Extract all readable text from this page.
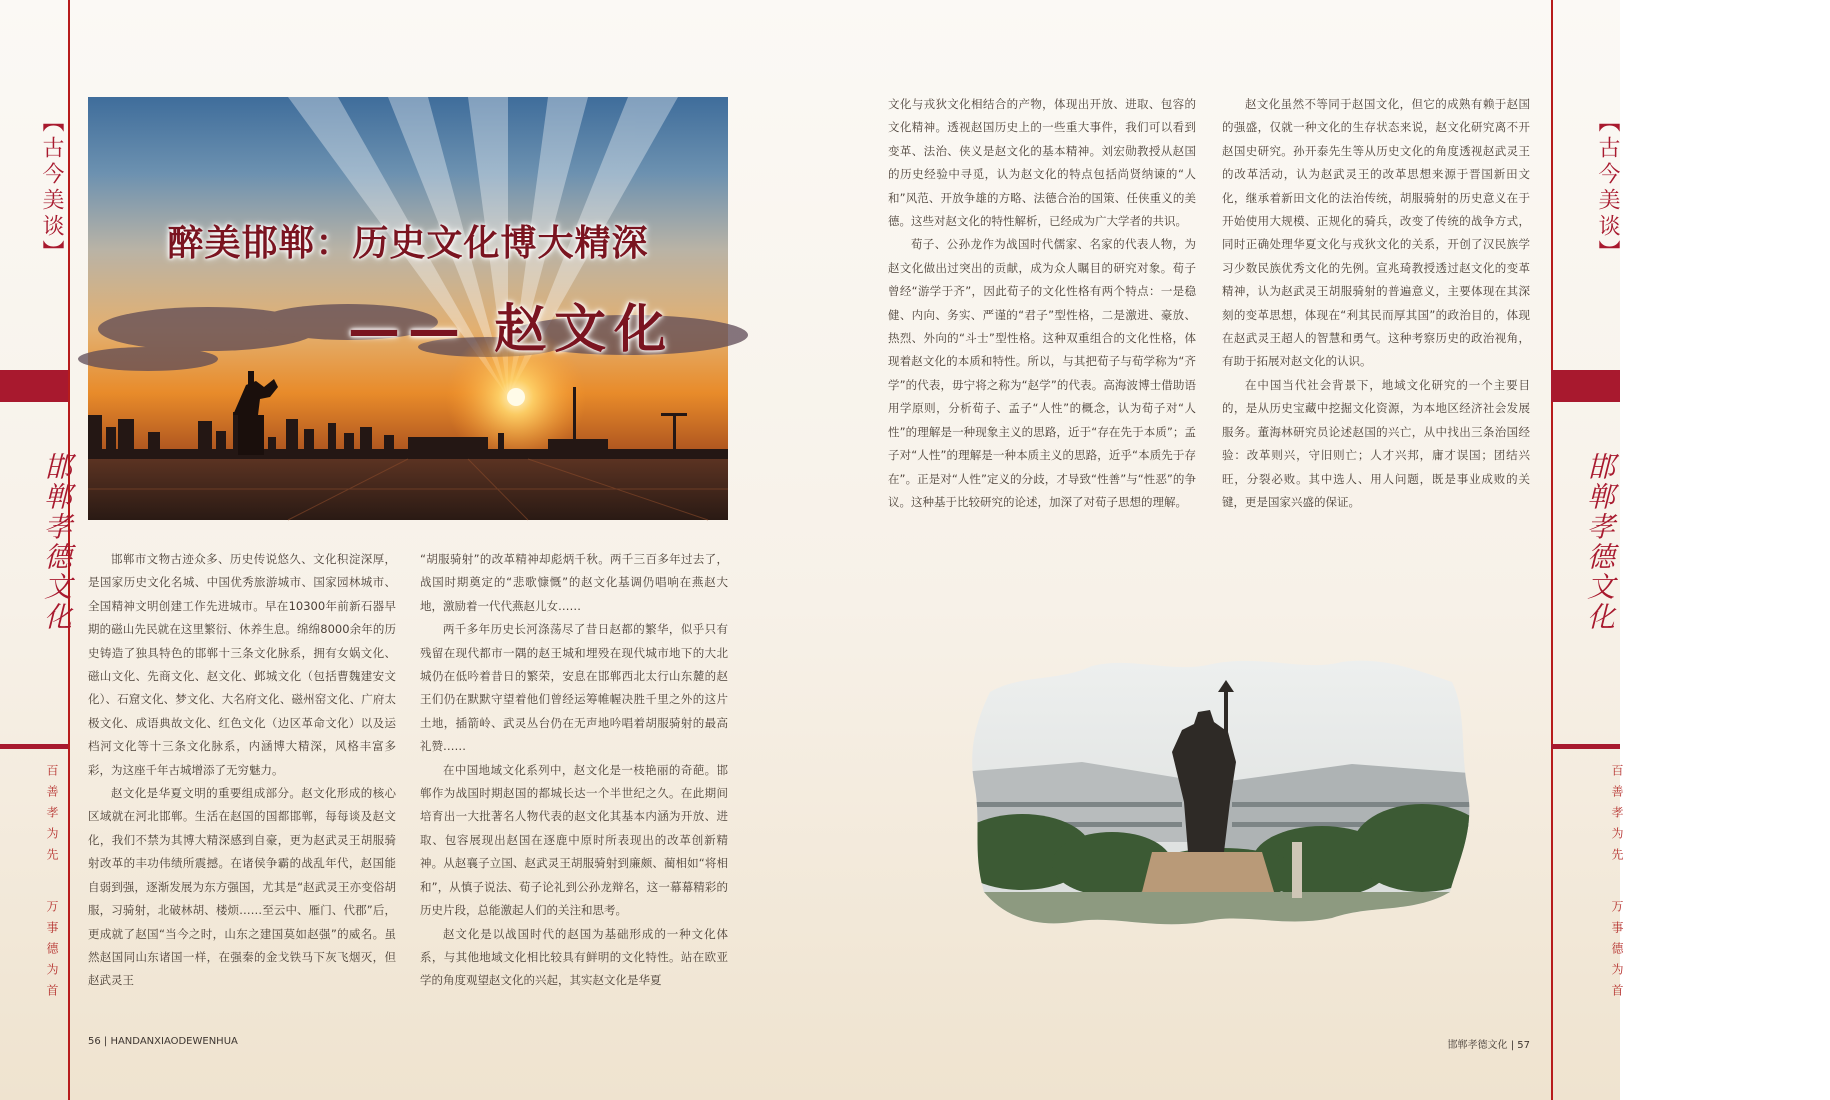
【古今美谈】
邯郸孝德文化
百善孝为先
万事德为首
【古今美谈】
邯郸孝德文化
百善孝为先
万事德为首
醉美邯郸：历史文化博大精深
—— 赵文化

邯郸市文物古迹众多、历史传说悠久、文化积淀深厚，是国家历史文化名城、中国优秀旅游城市、国家园林城市、全国精神文明创建工作先进城市。早在10300年前新石器早期的磁山先民就在这里繁衍、休养生息。绵绵8000余年的历史铸造了独具特色的邯郸十三条文化脉系，拥有女娲文化、磁山文化、先商文化、赵文化、邺城文化（包括曹魏建安文化）、石窟文化、梦文化、大名府文化、磁州窑文化、广府太极文化、成语典故文化、红色文化（边区革命文化）以及运档河文化等十三条文化脉系，内涵博大精深，风格丰富多彩，为这座千年古城增添了无穷魅力。

赵文化是华夏文明的重要组成部分。赵文化形成的核心区域就在河北邯郸。生活在赵国的国都邯郸，每每谈及赵文化，我们不禁为其博大精深感到自豪，更为赵武灵王胡服骑射改革的丰功伟绩所震撼。在诸侯争霸的战乱年代，赵国能自弱到强，逐渐发展为东方强国，尤其是“赵武灵王亦变俗胡服，习骑射，北破林胡、楼烦……至云中、雁门、代郡”后，更成就了赵国“当今之时，山东之建国莫如赵强”的威名。虽然赵国同山东诸国一样，在强秦的金戈铁马下灰飞烟灭，但赵武灵王

“胡服骑射”的改革精神却彪炳千秋。两千三百多年过去了，战国时期奠定的“悲歌慷慨”的赵文化基调仍唱响在燕赵大地，激励着一代代燕赵儿女……

两千多年历史长河涤荡尽了昔日赵都的繁华，似乎只有残留在现代都市一隅的赵王城和埋殁在现代城市地下的大北城仍在低吟着昔日的繁荣，安息在邯郸西北太行山东麓的赵王们仍在默默守望着他们曾经运筹帷幄决胜千里之外的这片土地，插箭岭、武灵丛台仍在无声地吟唱着胡服骑射的最高礼赞……

在中国地域文化系列中，赵文化是一枝艳丽的奇葩。邯郸作为战国时期赵国的都城长达一个半世纪之久。在此期间培育出一大批著名人物代表的赵文化其基本内涵为开放、进取、包容展现出赵国在逐鹿中原时所表现出的改革创新精神。从赵襄子立国、赵武灵王胡服骑射到廉颇、蔺相如“将相和”，从慎子说法、荀子论礼到公孙龙辩名，这一幕幕精彩的历史片段，总能激起人们的关注和思考。

赵文化是以战国时代的赵国为基础形成的一种文化体系，与其他地域文化相比较具有鲜明的文化特性。站在欧亚学的角度观望赵文化的兴起，其实赵文化是华夏

文化与戎狄文化相结合的产物，体现出开放、进取、包容的文化精神。透视赵国历史上的一些重大事件，我们可以看到变革、法治、侠义是赵文化的基本精神。刘宏勋教授从赵国的历史经验中寻觅，认为赵文化的特点包括尚贤纳谏的“人和”风范、开放争雄的方略、法德合治的国策、任侠重义的美德。这些对赵文化的特性解析，已经成为广大学者的共识。

荀子、公孙龙作为战国时代儒家、名家的代表人物，为赵文化做出过突出的贡献，成为众人瞩目的研究对象。荀子曾经“游学于齐”，因此荀子的文化性格有两个特点：一是稳健、内向、务实、严谨的“君子”型性格，二是激进、豪放、热烈、外向的“斗士”型性格。这种双重组合的文化性格，体现着赵文化的本质和特性。所以，与其把荀子与荀学称为“齐学”的代表，毋宁将之称为“赵学”的代表。高海波博士借助语用学原则，分析荀子、孟子“人性”的概念，认为荀子对“人性”的理解是一种现象主义的思路，近于“存在先于本质”；孟子对“人性”的理解是一种本质主义的思路，近乎“本质先于存在”。正是对“人性”定义的分歧，才导致“性善”与“性恶”的争议。这种基于比较研究的论述，加深了对荀子思想的理解。

赵文化虽然不等同于赵国文化，但它的成熟有赖于赵国的强盛，仅就一种文化的生存状态来说，赵文化研究离不开赵国史研究。孙开泰先生等从历史文化的角度透视赵武灵王的改革活动，认为赵武灵王的改革思想来源于晋国新田文化，继承着新田文化的法治传统，胡服骑射的历史意义在于开始使用大规模、正规化的骑兵，改变了传统的战争方式，同时正确处理华夏文化与戎狄文化的关系，开创了汉民族学习少数民族优秀文化的先例。宣兆琦教授透过赵文化的变革精神，认为赵武灵王胡服骑射的普遍意义，主要体现在其深刻的变革思想，体现在“利其民而厚其国”的政治目的，体现在赵武灵王超人的智慧和勇气。这种考察历史的政治视角，有助于拓展对赵文化的认识。

在中国当代社会背景下，地域文化研究的一个主要目的，是从历史宝藏中挖掘文化资源，为本地区经济社会发展服务。董海林研究员论述赵国的兴亡，从中找出三条治国经验：改革则兴，守旧则亡；人才兴邦，庸才误国；团结兴旺，分裂必败。其中选人、用人问题，既是事业成败的关键，更是国家兴盛的保证。

56 | HANDANXIAODEWENHUA	邯郸孝德文化 | 57
